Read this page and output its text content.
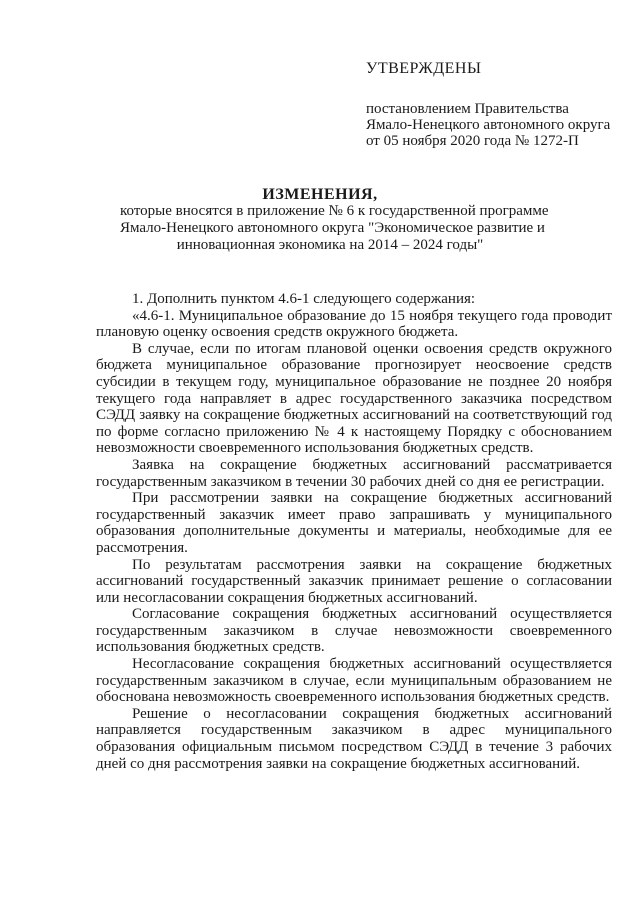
УТВЕРЖДЕНЫ
постановлением Правительства
Ямало-Ненецкого автономного округа
от 05 ноября 2020 года № 1272-П
ИЗМЕНЕНИЯ,
которые вносятся в приложение № 6 к государственной программе
Ямало-Ненецкого автономного округа "Экономическое развитие и
инновационная экономика на 2014 – 2024 годы"

1. Дополнить пунктом 4.6-1 следующего содержания:

«4.6-1. Муниципальное образование до 15 ноября текущего года проводит плановую оценку освоения средств окружного бюджета.

В случае, если по итогам плановой оценки освоения средств окружного бюджета муниципальное образование прогнозирует неосвоение средств субсидии в текущем году, муниципальное образование не позднее 20 ноября текущего года направляет в адрес государственного заказчика посредством СЭДД заявку на сокращение бюджетных ассигнований на соответствующий год по форме согласно приложению № 4 к настоящему Порядку с обоснованием невозможности своевременного использования бюджетных средств.

Заявка на сокращение бюджетных ассигнований рассматривается государственным заказчиком в течении 30 рабочих дней со дня ее регистрации.

При рассмотрении заявки на сокращение бюджетных ассигнований государственный заказчик имеет право запрашивать у муниципального образования дополнительные документы и материалы, необходимые для ее рассмотрения.

По результатам рассмотрения заявки на сокращение бюджетных ассигнований государственный заказчик принимает решение о согласовании или несогласовании сокращения бюджетных ассигнований.

Согласование сокращения бюджетных ассигнований осуществляется государственным заказчиком в случае невозможности своевременного использования бюджетных средств.

Несогласование сокращения бюджетных ассигнований осуществляется государственным заказчиком в случае, если муниципальным образованием не обоснована невозможность своевременного использования бюджетных средств.

Решение о несогласовании сокращения бюджетных ассигнований направляется государственным заказчиком в адрес муниципального образования официальным письмом посредством СЭДД в течение 3 рабочих дней со дня рассмотрения заявки на сокращение бюджетных ассигнований.
